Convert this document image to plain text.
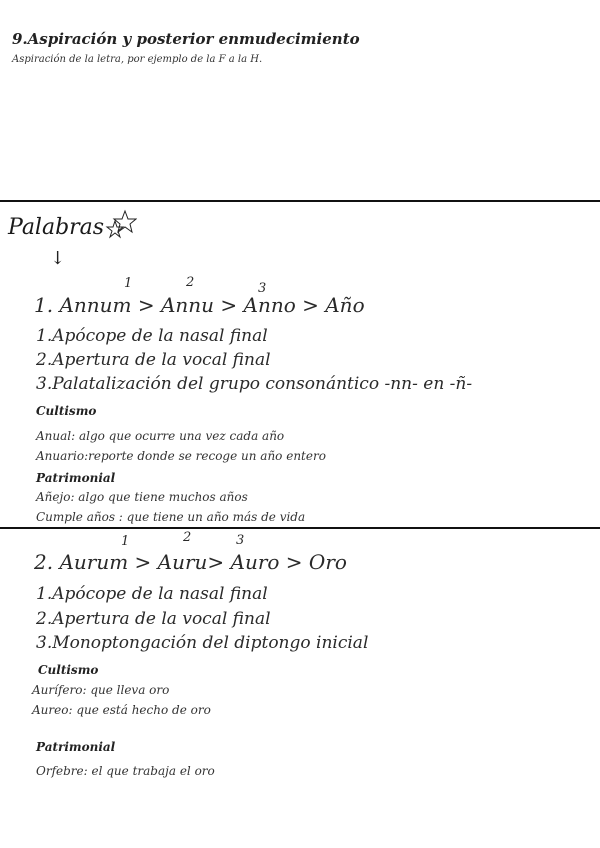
9.Aspiración y posterior enmudecimiento
Aspiración de la letra, por ejemplo de la F a la H.
Palabras
↓
1	2	3
1. Annum > Annu > Anno > Año
1.Apócope de la nasal final
2.Apertura de la vocal final
3.Palatalización del grupo consonántico -nn- en -ñ-
Cultismo
Anual: algo que ocurre una vez cada año
Anuario:reporte donde se recoge un año entero
Patrimonial
Añejo: algo que tiene muchos años
Cumple años : que tiene un año más de vida
1	2	3
2. Aurum > Auru> Auro > Oro
1.Apócope de la nasal final
2.Apertura de la vocal final
3.Monoptongación del diptongo inicial
Cultismo
Aurífero: que lleva oro
Aureo: que está hecho de oro
Patrimonial
Orfebre: el que trabaja el oro
